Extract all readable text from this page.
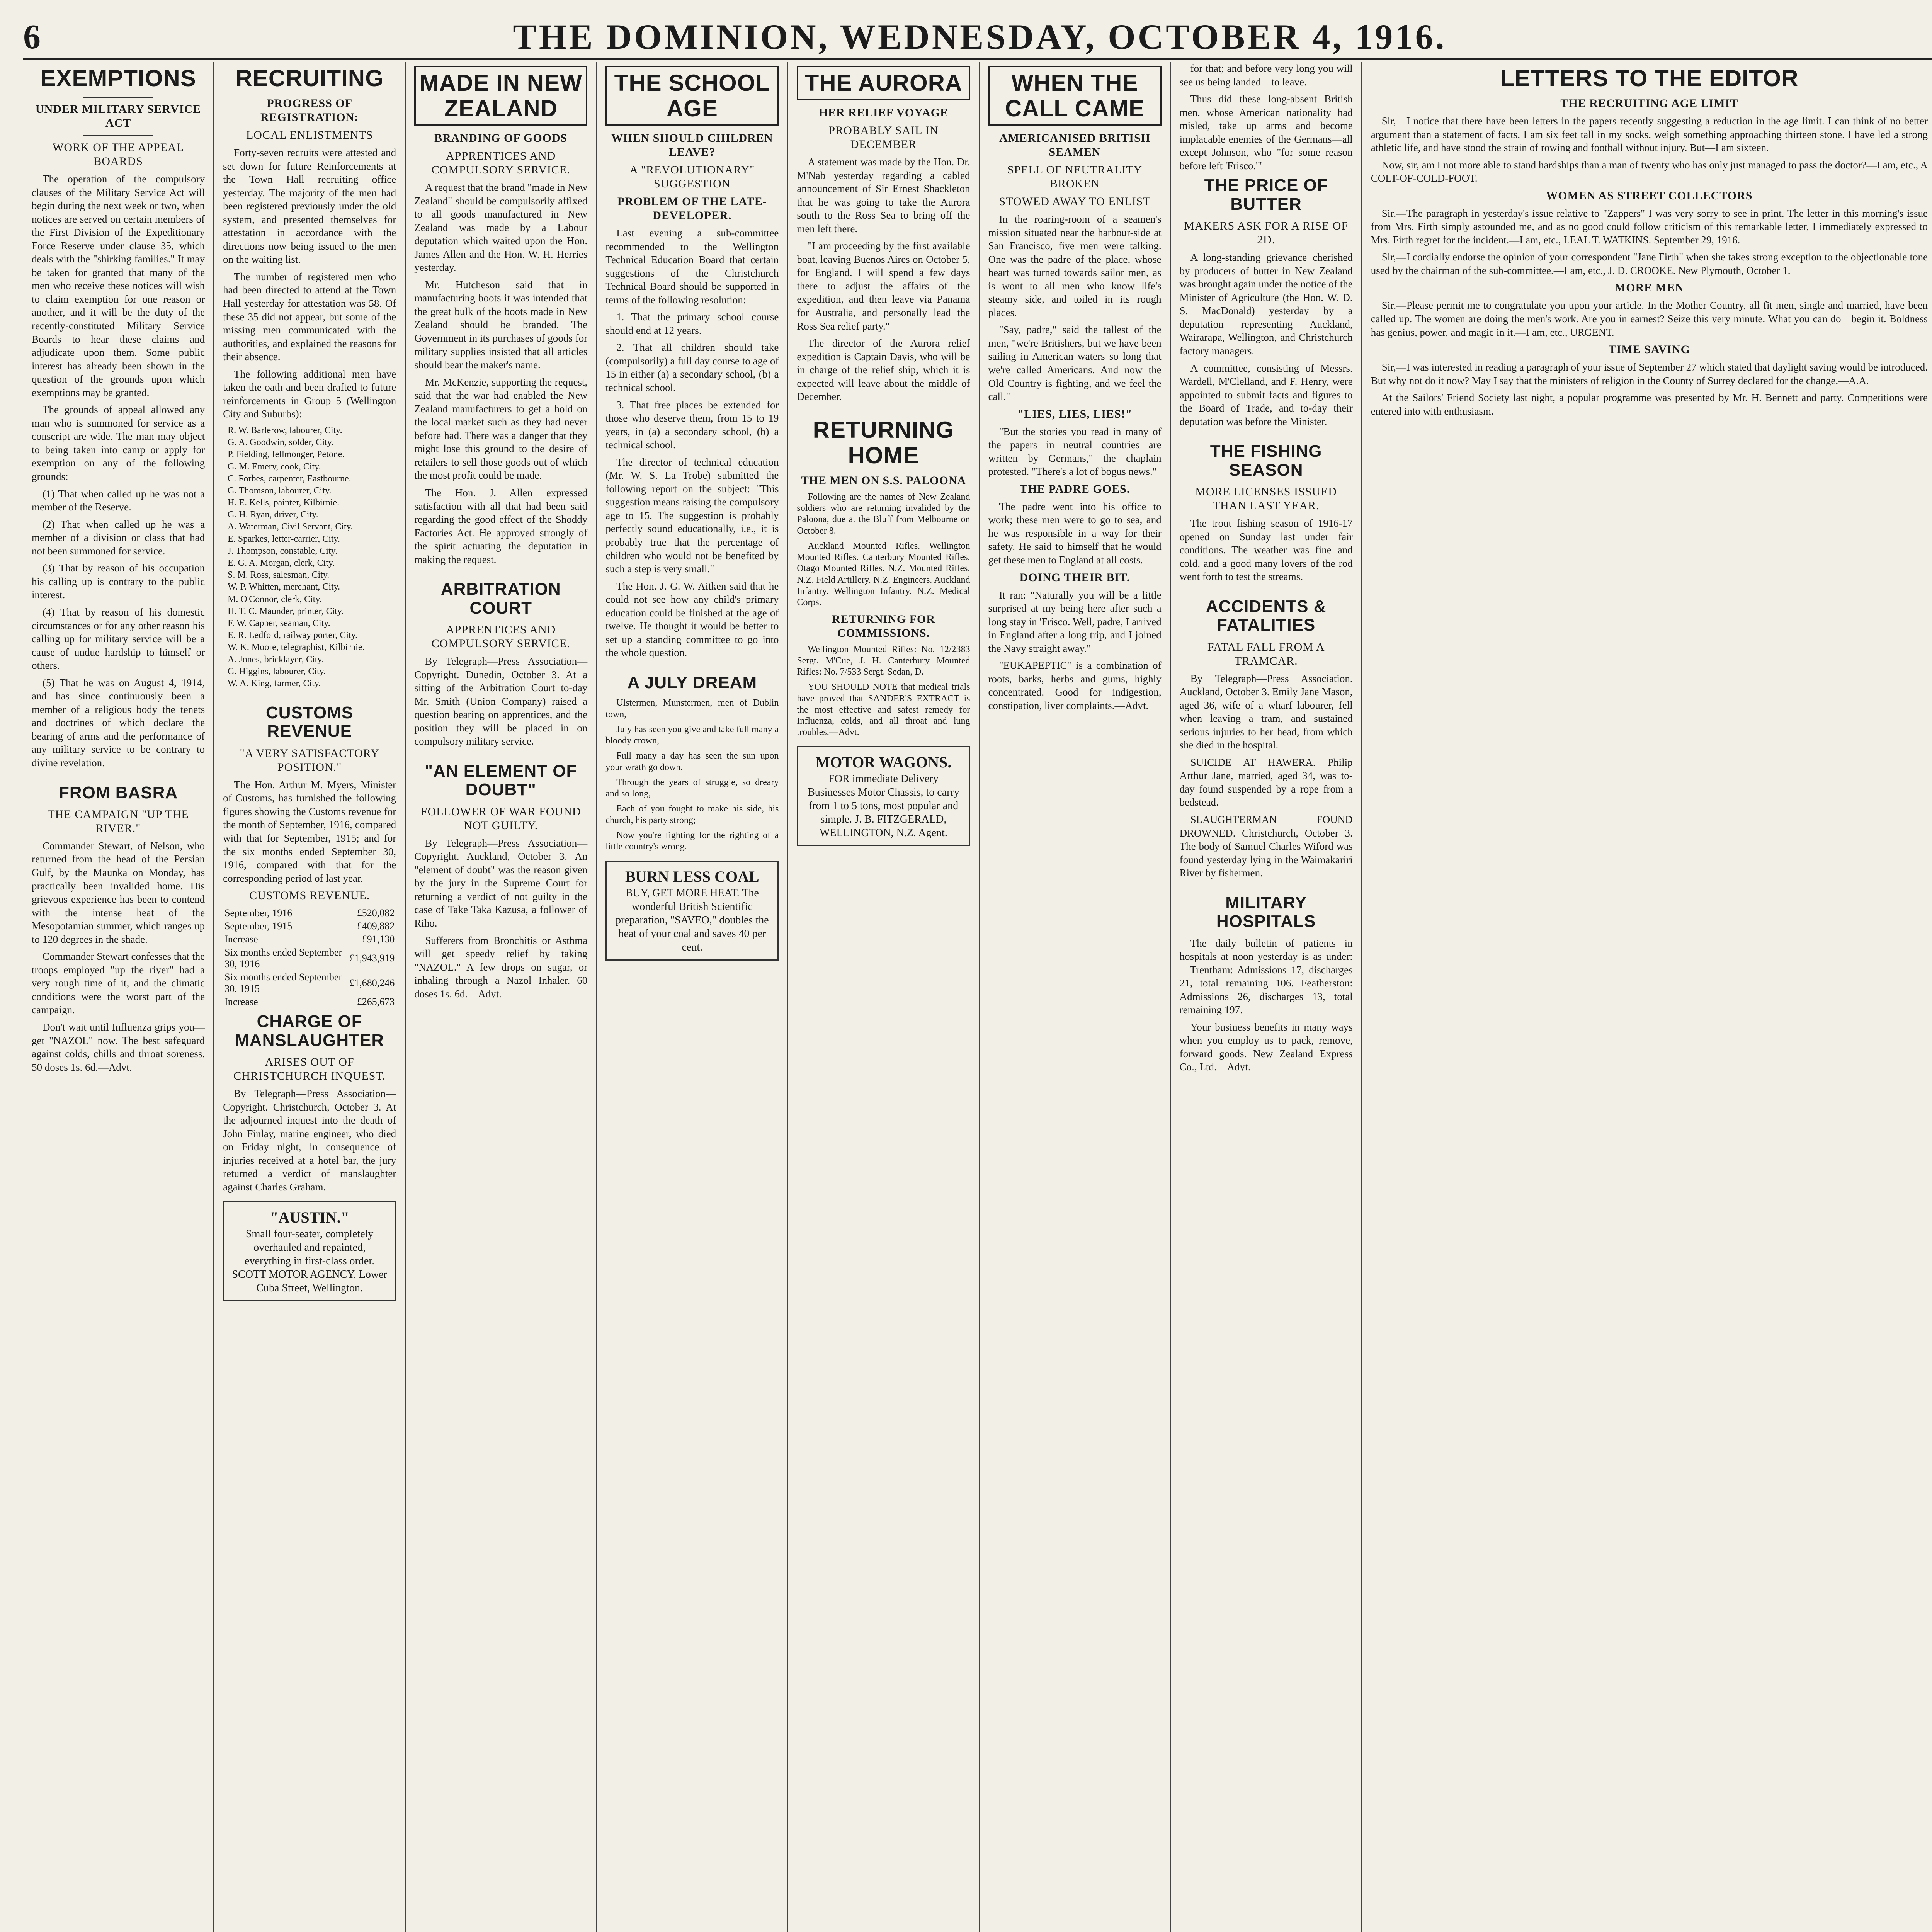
6	THE DOMINION, WEDNESDAY, OCTOBER 4, 1916.
EXEMPTIONS
UNDER MILITARY SERVICE ACT
WORK OF THE APPEAL BOARDS

The operation of the compulsory clauses of the Military Service Act will begin during the next week or two, when notices are served on certain members of the First Division of the Expeditionary Force Reserve under clause 35, which deals with the "shirking families." It may be taken for granted that many of the men who receive these notices will wish to claim exemption for one reason or another, and it will be the duty of the recently-constituted Military Service Boards to hear these claims and adjudicate upon them. Some public interest has already been shown in the question of the grounds upon which exemptions may be granted.

The grounds of appeal allowed any man who is summoned for service as a conscript are wide. The man may object to being taken into camp or apply for exemption on any of the following grounds:

(1) That when called up he was not a member of the Reserve.

(2) That when called up he was a member of a division or class that had not been summoned for service.

(3) That by reason of his occupation his calling up is contrary to the public interest.

(4) That by reason of his domestic circumstances or for any other reason his calling up for military service will be a cause of undue hardship to himself or others.

(5) That he was on August 4, 1914, and has since continuously been a member of a religious body the tenets and doctrines of which declare the bearing of arms and the performance of any military service to be contrary to divine revelation.

FROM BASRA
THE CAMPAIGN "UP THE RIVER."

Commander Stewart, of Nelson, who returned from the head of the Persian Gulf, by the Maunka on Monday, has practically been invalided home. His grievous experience has been to contend with the intense heat of the Mesopotamian summer, which ranges up to 120 degrees in the shade.

Commander Stewart confesses that the troops employed "up the river" had a very rough time of it, and the climatic conditions were the worst part of the campaign.

Don't wait until Influenza grips you—get "NAZOL" now. The best safeguard against colds, chills and throat soreness. 50 doses 1s. 6d.—Advt.

RECRUITING
PROGRESS OF REGISTRATION:
LOCAL ENLISTMENTS

Forty-seven recruits were attested and set down for future Reinforcements at the Town Hall recruiting office yesterday. The majority of the men had been registered previously under the old system, and presented themselves for attestation in accordance with the directions now being issued to the men on the waiting list.

The number of registered men who had been directed to attend at the Town Hall yesterday for attestation was 58. Of these 35 did not appear, but some of the missing men communicated with the authorities, and explained the reasons for their absence.

The following additional men have taken the oath and been drafted to future reinforcements in Group 5 (Wellington City and Suburbs):

R. W. Barlerow, labourer, City.
G. A. Goodwin, solder, City.
P. Fielding, fellmonger, Petone.
G. M. Emery, cook, City.
C. Forbes, carpenter, Eastbourne.
G. Thomson, labourer, City.
H. E. Kells, painter, Kilbirnie.
G. H. Ryan, driver, City.
A. Waterman, Civil Servant, City.
E. Sparkes, letter-carrier, City.
J. Thompson, constable, City.
E. G. A. Morgan, clerk, City.
S. M. Ross, salesman, City.
W. P. Whitten, merchant, City.
M. O'Connor, clerk, City.
H. T. C. Maunder, printer, City.
F. W. Capper, seaman, City.
E. R. Ledford, railway porter, City.
W. K. Moore, telegraphist, Kilbirnie.
A. Jones, bricklayer, City.
G. Higgins, labourer, City.
W. A. King, farmer, City.
CUSTOMS REVENUE
"A VERY SATISFACTORY POSITION."

The Hon. Arthur M. Myers, Minister of Customs, has furnished the following figures showing the Customs revenue for the month of September, 1916, compared with that for September, 1915; and for the six months ended September 30, 1916, compared with that for the corresponding period of last year.

CUSTOMS REVENUE.
September, 1916	£520,082
September, 1915	£409,882
Increase	£91,130
Six months ended September 30, 1916	£1,943,919
Six months ended September 30, 1915	£1,680,246
Increase	£265,673
CHARGE OF MANSLAUGHTER
ARISES OUT OF CHRISTCHURCH INQUEST.

By Telegraph—Press Association—Copyright. Christchurch, October 3. At the adjourned inquest into the death of John Finlay, marine engineer, who died on Friday night, in consequence of injuries received at a hotel bar, the jury returned a verdict of manslaughter against Charles Graham.

"AUSTIN."
Small four-seater, completely overhauled and repainted, everything in first-class order. SCOTT MOTOR AGENCY, Lower Cuba Street, Wellington.
MADE IN NEW ZEALAND
BRANDING OF GOODS
APPRENTICES AND COMPULSORY SERVICE.

A request that the brand "made in New Zealand" should be compulsorily affixed to all goods manufactured in New Zealand was made by a Labour deputation which waited upon the Hon. James Allen and the Hon. W. H. Herries yesterday.

Mr. Hutcheson said that in manufacturing boots it was intended that the great bulk of the boots made in New Zealand should be branded. The Government in its purchases of goods for military supplies insisted that all articles should bear the maker's name.

Mr. McKenzie, supporting the request, said that the war had enabled the New Zealand manufacturers to get a hold on the local market such as they had never before had. There was a danger that they might lose this ground to the desire of retailers to sell those goods out of which the most profit could be made.

The Hon. J. Allen expressed satisfaction with all that had been said regarding the good effect of the Shoddy Factories Act. He approved strongly of the spirit actuating the deputation in making the request.

ARBITRATION COURT
APPRENTICES AND COMPULSORY SERVICE.

By Telegraph—Press Association—Copyright. Dunedin, October 3. At a sitting of the Arbitration Court to-day Mr. Smith (Union Company) raised a question bearing on apprentices, and the position they will be placed in on compulsory military service.

"AN ELEMENT OF DOUBT"
FOLLOWER OF WAR FOUND NOT GUILTY.

By Telegraph—Press Association—Copyright. Auckland, October 3. An "element of doubt" was the reason given by the jury in the Supreme Court for returning a verdict of not guilty in the case of Take Taka Kazusa, a follower of Riho.

Sufferers from Bronchitis or Asthma will get speedy relief by taking "NAZOL." A few drops on sugar, or inhaling through a Nazol Inhaler. 60 doses 1s. 6d.—Advt.

THE SCHOOL AGE
WHEN SHOULD CHILDREN LEAVE?
A "REVOLUTIONARY" SUGGESTION
PROBLEM OF THE LATE-DEVELOPER.

Last evening a sub-committee recommended to the Wellington Technical Education Board that certain suggestions of the Christchurch Technical Board should be supported in terms of the following resolution:

1. That the primary school course should end at 12 years.

2. That all children should take (compulsorily) a full day course to age of 15 in either (a) a secondary school, (b) a technical school.

3. That free places be extended for those who deserve them, from 15 to 19 years, in (a) a secondary school, (b) a technical school.

The director of technical education (Mr. W. S. La Trobe) submitted the following report on the subject: "This suggestion means raising the compulsory age to 15. The suggestion is probably perfectly sound educationally, i.e., it is probably true that the percentage of children who would not be benefited by such a step is very small."

The Hon. J. G. W. Aitken said that he could not see how any child's primary education could be finished at the age of twelve. He thought it would be better to set up a standing committee to go into the whole question.

A JULY DREAM

Ulstermen, Munstermen, men of Dublin town,

July has seen you give and take full many a bloody crown,

Full many a day has seen the sun upon your wrath go down.

Through the years of struggle, so dreary and so long,

Each of you fought to make his side, his church, his party strong;

Now you're fighting for the righting of a little country's wrong.

BURN LESS COAL
BUY, GET MORE HEAT. The wonderful British Scientific preparation, "SAVEO," doubles the heat of your coal and saves 40 per cent.
THE AURORA
HER RELIEF VOYAGE
PROBABLY SAIL IN DECEMBER

A statement was made by the Hon. Dr. M'Nab yesterday regarding a cabled announcement of Sir Ernest Shackleton that he was going to take the Aurora south to the Ross Sea to bring off the men left there.

"I am proceeding by the first available boat, leaving Buenos Aires on October 5, for England. I will spend a few days there to adjust the affairs of the expedition, and then leave via Panama for Australia, and personally lead the Ross Sea relief party."

The director of the Aurora relief expedition is Captain Davis, who will be in charge of the relief ship, which it is expected will leave about the middle of December.

RETURNING HOME
THE MEN ON S.S. PALOONA

Following are the names of New Zealand soldiers who are returning invalided by the Paloona, due at the Bluff from Melbourne on October 8.

Auckland Mounted Rifles. Wellington Mounted Rifles. Canterbury Mounted Rifles. Otago Mounted Rifles. N.Z. Mounted Rifles. N.Z. Field Artillery. N.Z. Engineers. Auckland Infantry. Wellington Infantry. N.Z. Medical Corps.

RETURNING FOR COMMISSIONS.

Wellington Mounted Rifles: No. 12/2383 Sergt. M'Cue, J. H. Canterbury Mounted Rifles: No. 7/533 Sergt. Sedan, D.

YOU SHOULD NOTE that medical trials have proved that SANDER'S EXTRACT is the most effective and safest remedy for Influenza, colds, and all throat and lung troubles.—Advt.

MOTOR WAGONS.
FOR immediate Delivery Businesses Motor Chassis, to carry from 1 to 5 tons, most popular and simple. J. B. FITZGERALD, WELLINGTON, N.Z. Agent.
WHEN THE CALL CAME
AMERICANISED BRITISH SEAMEN
SPELL OF NEUTRALITY BROKEN
STOWED AWAY TO ENLIST

In the roaring-room of a seamen's mission situated near the harbour-side at San Francisco, five men were talking. One was the padre of the place, whose heart was turned towards sailor men, as is wont to all men who know life's steamy side, and toiled in its rough places.

"Say, padre," said the tallest of the men, "we're Britishers, but we have been sailing in American waters so long that we're called Americans. And now the Old Country is fighting, and we feel the call."

"LIES, LIES, LIES!"

"But the stories you read in many of the papers in neutral countries are written by Germans," the chaplain protested. "There's a lot of bogus news."

THE PADRE GOES.

The padre went into his office to work; these men were to go to sea, and he was responsible in a way for their safety. He said to himself that he would get these men to England at all costs.

DOING THEIR BIT.

It ran: "Naturally you will be a little surprised at my being here after such a long stay in 'Frisco. Well, padre, I arrived in England after a long trip, and I joined the Navy straight away."

"EUKAPEPTIC" is a combination of roots, barks, herbs and gums, highly concentrated. Good for indigestion, constipation, liver complaints.—Advt.

for that; and before very long you will see us being landed—to leave.

Thus did these long-absent British men, whose American nationality had misled, take up arms and become implacable enemies of the Germans—all except Johnson, who "for some reason before left 'Frisco.'"

THE PRICE OF BUTTER
MAKERS ASK FOR A RISE OF 2D.

A long-standing grievance cherished by producers of butter in New Zealand was brought again under the notice of the Minister of Agriculture (the Hon. W. D. S. MacDonald) yesterday by a deputation representing Auckland, Wairarapa, Wellington, and Christchurch factory managers.

A committee, consisting of Messrs. Wardell, M'Clelland, and F. Henry, were appointed to submit facts and figures to the Board of Trade, and to-day their deputation was before the Minister.

THE FISHING SEASON
MORE LICENSES ISSUED THAN LAST YEAR.

The trout fishing season of 1916-17 opened on Sunday last under fair conditions. The weather was fine and cold, and a good many lovers of the rod went forth to test the streams.

ACCIDENTS & FATALITIES
FATAL FALL FROM A TRAMCAR.

By Telegraph—Press Association. Auckland, October 3. Emily Jane Mason, aged 36, wife of a wharf labourer, fell when leaving a tram, and sustained serious injuries to her head, from which she died in the hospital.

SUICIDE AT HAWERA. Philip Arthur Jane, married, aged 34, was to-day found suspended by a rope from a bedstead.

SLAUGHTERMAN FOUND DROWNED. Christchurch, October 3. The body of Samuel Charles Wiford was found yesterday lying in the Waimakariri River by fishermen.

MILITARY HOSPITALS

The daily bulletin of patients in hospitals at noon yesterday is as under:—Trentham: Admissions 17, discharges 21, total remaining 106. Featherston: Admissions 26, discharges 13, total remaining 197.

Your business benefits in many ways when you employ us to pack, remove, forward goods. New Zealand Express Co., Ltd.—Advt.

LETTERS TO THE EDITOR
THE RECRUITING AGE LIMIT

Sir,—I notice that there have been letters in the papers recently suggesting a reduction in the age limit. I can think of no better argument than a statement of facts. I am six feet tall in my socks, weigh something approaching thirteen stone. I have led a strong athletic life, and have stood the strain of rowing and football without injury. But—I am sixteen.

Now, sir, am I not more able to stand hardships than a man of twenty who has only just managed to pass the doctor?—I am, etc., A COLT-OF-COLD-FOOT.

WOMEN AS STREET COLLECTORS

Sir,—The paragraph in yesterday's issue relative to "Zappers" I was very sorry to see in print. The letter in this morning's issue from Mrs. Firth simply astounded me, and as no good could follow criticism of this remarkable letter, I immediately expressed to Mrs. Firth regret for the incident.—I am, etc., LEAL T. WATKINS. September 29, 1916.

Sir,—I cordially endorse the opinion of your correspondent "Jane Firth" when she takes strong exception to the objectionable tone used by the chairman of the sub-committee.—I am, etc., J. D. CROOKE. New Plymouth, October 1.

MORE MEN

Sir,—Please permit me to congratulate you upon your article. In the Mother Country, all fit men, single and married, have been called up. The women are doing the men's work. Are you in earnest? Seize this very minute. What you can do—begin it. Boldness has genius, power, and magic in it.—I am, etc., URGENT.

TIME SAVING

Sir,—I was interested in reading a paragraph of your issue of September 27 which stated that daylight saving would be introduced. But why not do it now? May I say that the ministers of religion in the County of Surrey declared for the change.—A.A.

At the Sailors' Friend Society last night, a popular programme was presented by Mr. H. Bennett and party. Competitions were entered into with enthusiasm.
